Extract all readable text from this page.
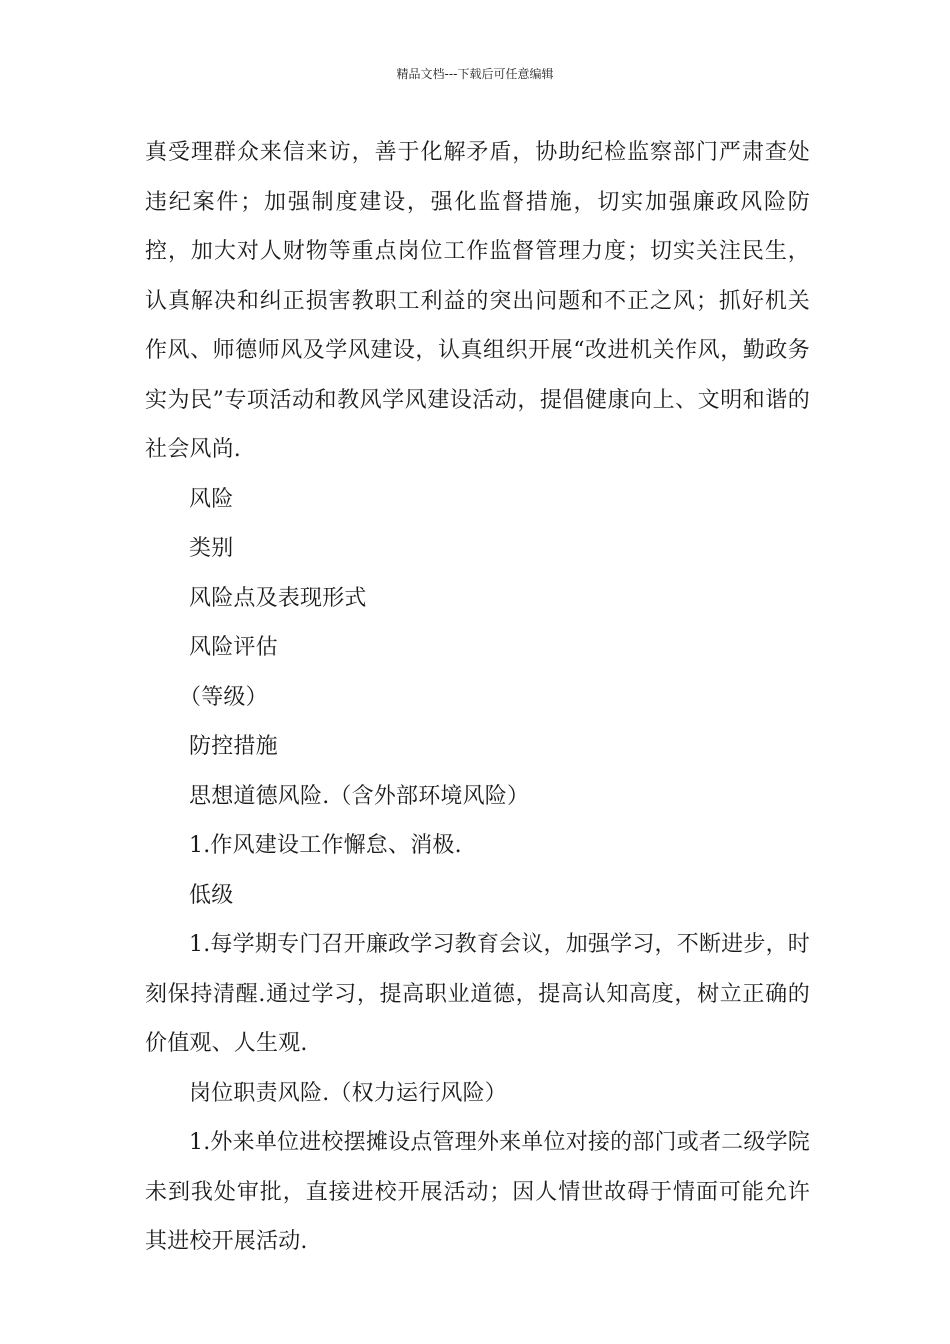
精品文档---下载后可任意编辑

真受理群众来信来访，善于化解矛盾，协助纪检监察部门严肃查处违纪案件；加强制度建设，强化监督措施，切实加强廉政风险防控，加大对人财物等重点岗位工作监督管理力度；切实关注民生，认真解决和纠正损害教职工利益的突出问题和不正之风；抓好机关作风、师德师风及学风建设，认真组织开展“改进机关作风，勤政务实为民”专项活动和教风学风建设活动，提倡健康向上、文明和谐的社会风尚.

风险

类别

风险点及表现形式

风险评估

（等级）

防控措施

思想道德风险.（含外部环境风险）

1.作风建设工作懈怠、消极.

低级

1.每学期专门召开廉政学习教育会议，加强学习，不断进步，时刻保持清醒.通过学习，提高职业道德，提高认知高度，树立正确的价值观、人生观.

岗位职责风险.（权力运行风险）

1.外来单位进校摆摊设点管理外来单位对接的部门或者二级学院未到我处审批，直接进校开展活动；因人情世故碍于情面可能允许其进校开展活动.
